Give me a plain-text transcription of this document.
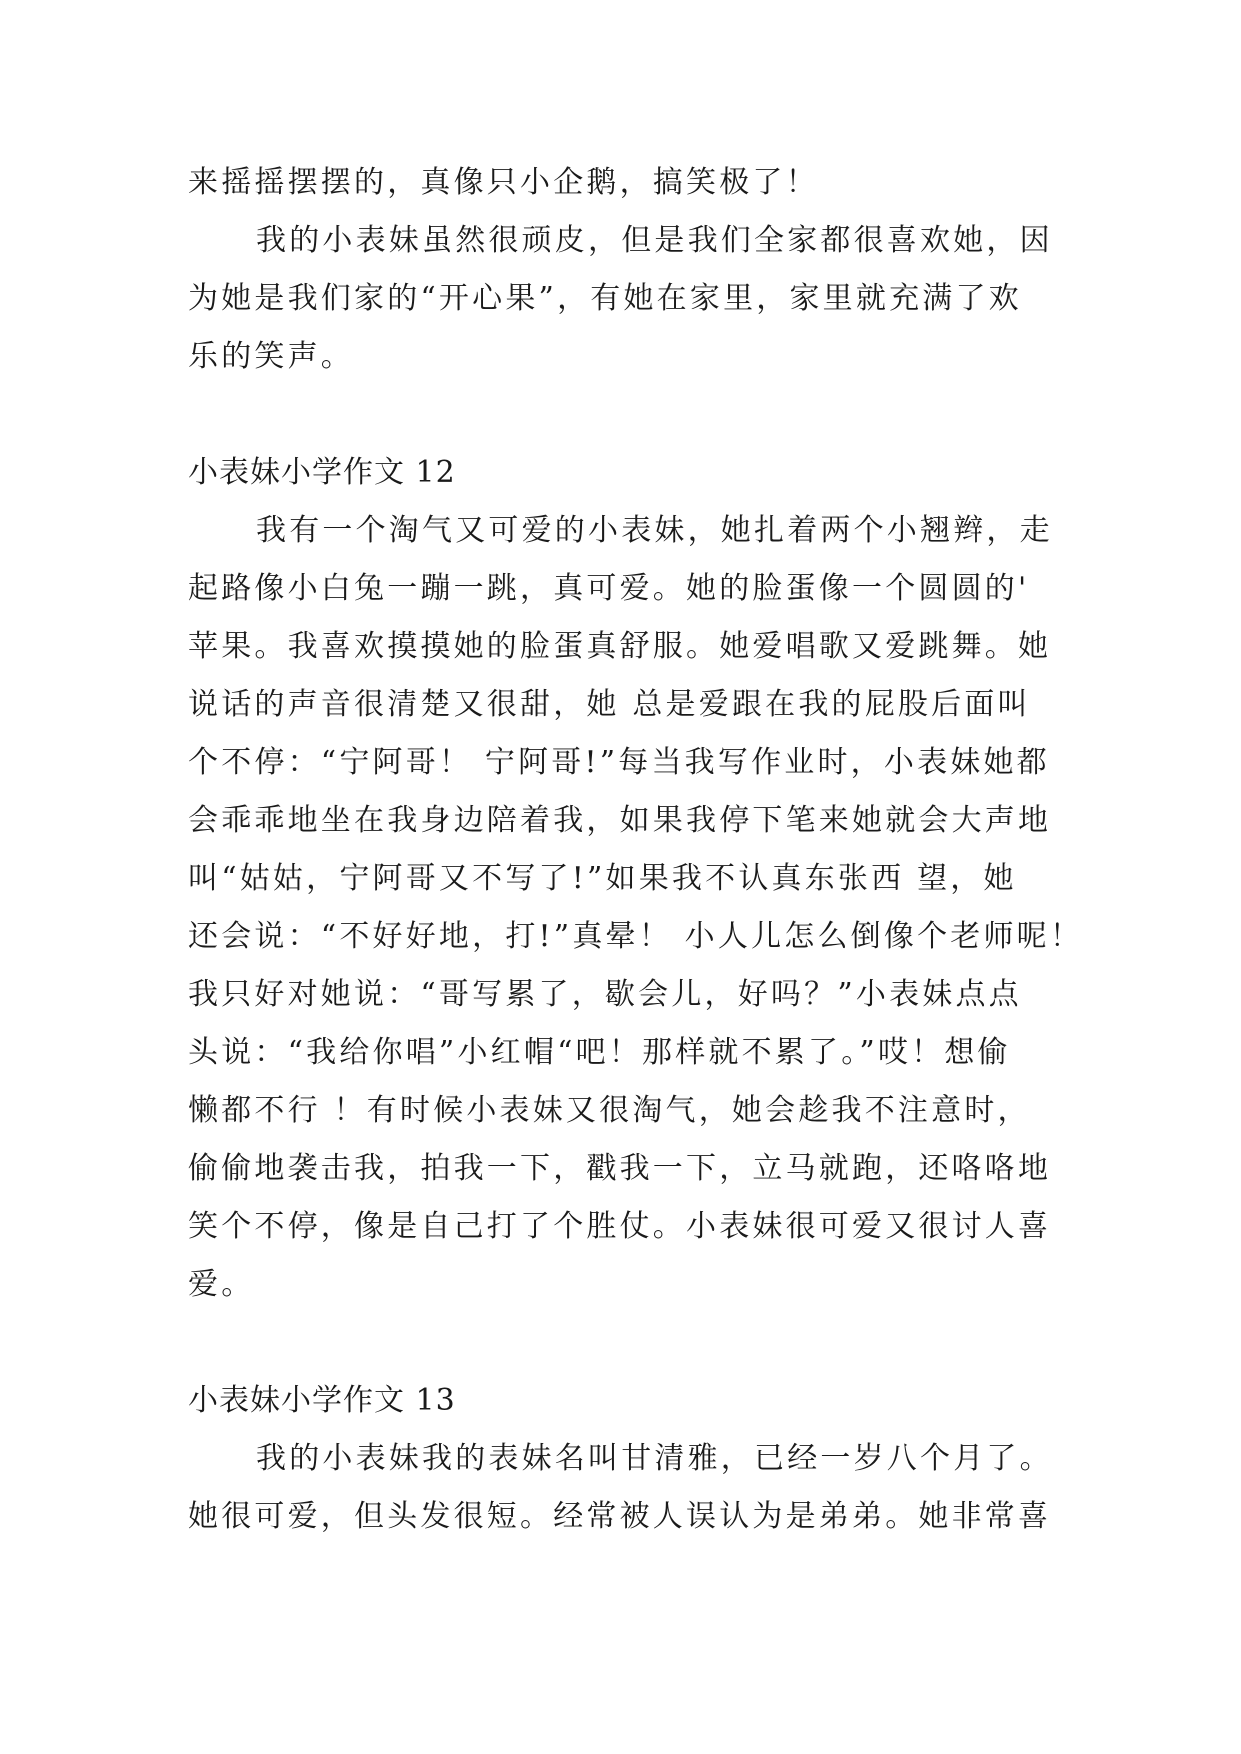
来摇摇摆摆的，真像只小企鹅，搞笑极了！
我的小表妹虽然很顽皮，但是我们全家都很喜欢她，因
为她是我们家的“开心果”，有她在家里，家里就充满了欢
乐的笑声。
小表妹小学作文 12
我有一个淘气又可爱的小表妹，她扎着两个小翘辫，走
起路像小白兔一蹦一跳，真可爱。她的脸蛋像一个圆圆的'
苹果。我喜欢摸摸她的脸蛋真舒服。她爱唱歌又爱跳舞。她
说话的声音很清楚又很甜，她 总是爱跟在我的屁股后面叫
个不停：“宁阿哥！ 宁阿哥!”每当我写作业时，小表妹她都
会乖乖地坐在我身边陪着我，如果我停下笔来她就会大声地
叫“姑姑，宁阿哥又不写了!”如果我不认真东张西 望，她
还会说：“不好好地，打!”真晕！ 小人儿怎么倒像个老师呢！
我只好对她说：“哥写累了，歇会儿，好吗？”小表妹点点
头说：“我给你唱”小红帽“吧！那样就不累了。”哎！想偷
懒都不行 ！有时候小表妹又很淘气，她会趁我不注意时，
偷偷地袭击我，拍我一下，戳我一下，立马就跑，还咯咯地
笑个不停，像是自己打了个胜仗。小表妹很可爱又很讨人喜
爱。
小表妹小学作文 13
我的小表妹我的表妹名叫甘清雅，已经一岁八个月了。
她很可爱，但头发很短。经常被人误认为是弟弟。她非常喜
